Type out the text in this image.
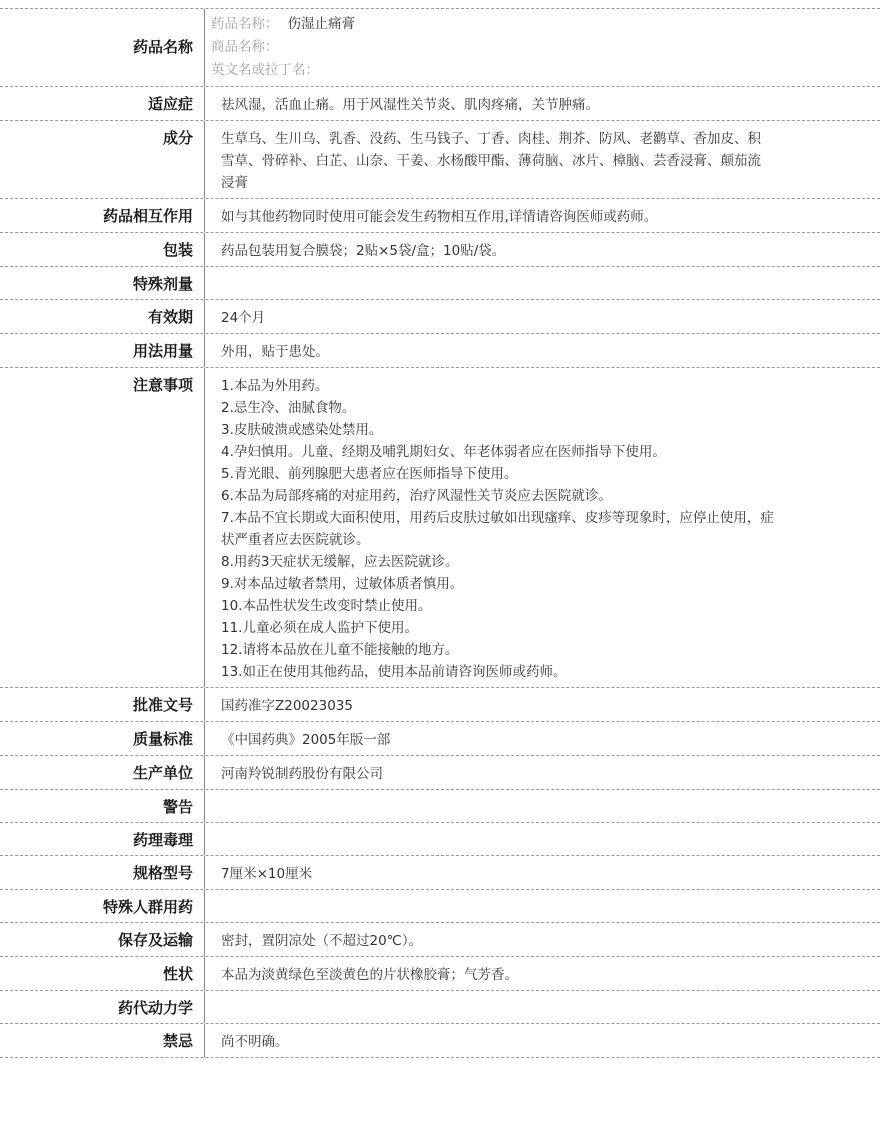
药品名称
药品名称： 伤湿止痛膏
商品名称：
英文名或拉丁名：
适应症	祛风湿，活血止痛。用于风湿性关节炎、肌肉疼痛，关节肿痛。
成分	生草乌、生川乌、乳香、没药、生马钱子、丁香、肉桂、荆芥、防风、老鹳草、香加皮、积雪草、骨碎补、白芷、山奈、干姜、水杨酸甲酯、薄荷脑、冰片、樟脑、芸香浸膏、颠茄流浸膏
药品相互作用	如与其他药物同时使用可能会发生药物相互作用,详情请咨询医师或药师。
包装	药品包装用复合膜袋；2贴×5袋/盒；10贴/袋。
特殊剂量
有效期	24个月
用法用量	外用，贴于患处。
注意事项	1.本品为外用药。
2.忌生冷、油腻食物。
3.皮肤破溃或感染处禁用。
4.孕妇慎用。儿童、经期及哺乳期妇女、年老体弱者应在医师指导下使用。
5.青光眼、前列腺肥大患者应在医师指导下使用。
6.本品为局部疼痛的对症用药，治疗风湿性关节炎应去医院就诊。
7.本品不宜长期或大面积使用，用药后皮肤过敏如出现瘙痒、皮疹等现象时，应停止使用，症状严重者应去医院就诊。
8.用药3天症状无缓解，应去医院就诊。
9.对本品过敏者禁用，过敏体质者慎用。
10.本品性状发生改变时禁止使用。
11.儿童必须在成人监护下使用。
12.请将本品放在儿童不能接触的地方。
13.如正在使用其他药品，使用本品前请咨询医师或药师。
批准文号	国药准字Z20023035
质量标准	《中国药典》2005年版一部
生产单位	河南羚锐制药股份有限公司
警告
药理毒理
规格型号	7厘米×10厘米
特殊人群用药
保存及运输	密封，置阴凉处（不超过20℃）。
性状	本品为淡黄绿色至淡黄色的片状橡胶膏；气芳香。
药代动力学
禁忌	尚不明确。
